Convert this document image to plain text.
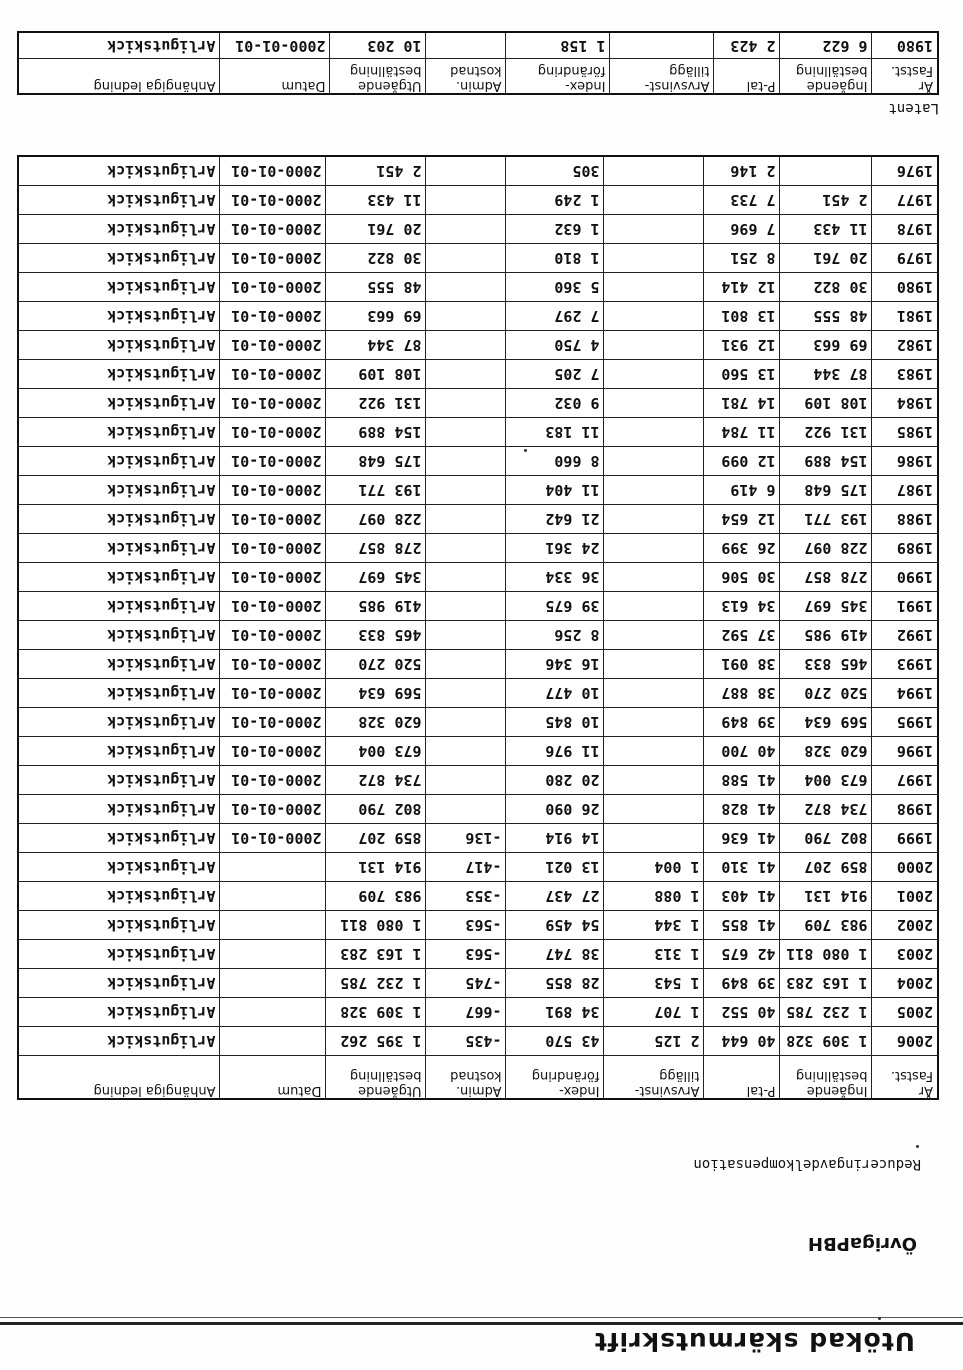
Utökad skärmutskrift
ÖvrigaPBH
Reduceringavdelkompensation
År Fastst.	Ingående beställning	P-tal	Arvsvinst-tillägg	Index-förändring	Admin. kostnad	Utgående beställning	Datum	Anhängiga ledning
2006	1 309 328	40 644	2 125	43 570	-435	1 395 262		Arligutskick
2005	1 232 785	40 552	1 707	34 891	-667	1 309 328		Arligutskick
2004	1 163 283	39 849	1 543	28 855	-745	1 232 785		Arligutskick
2003	1 080 811	42 675	1 313	38 747	-563	1 163 283		Arligutskick
2002	983 709	41 855	1 344	54 459	-563	1 080 811		Arligutskick
2001	914 131	41 403	1 088	27 437	-353	983 709		Arligutskick
2000	859 207	41 310	1 004	13 021	-417	914 131		Arligutskick
1999	802 790	41 636		14 914	-136	859 207	2000-01-01	Arligutskick
1998	734 872	41 828		26 090		802 790	2000-01-01	Arligutskick
1997	673 004	41 588		20 280		734 872	2000-01-01	Arligutskick
1996	620 328	40 700		11 976		673 004	2000-01-01	Arligutskick
1995	569 634	39 849		10 845		620 328	2000-01-01	Arligutskick
1994	520 270	38 887		10 477		569 634	2000-01-01	Arligutskick
1993	465 833	38 091		16 346		520 270	2000-01-01	Arligutskick
1992	419 985	37 592		8 256		465 833	2000-01-01	Arligutskick
1991	345 697	34 613		39 675		419 985	2000-01-01	Arligutskick
1990	278 857	30 506		36 334		345 697	2000-01-01	Arligutskick
1989	228 097	26 399		24 361		278 857	2000-01-01	Arligutskick
1988	193 771	12 654		21 642		228 097	2000-01-01	Arligutskick
1987	175 648	6 419		11 404		193 771	2000-01-01	Arligutskick
1986	154 889	12 099		8 660		175 648	2000-01-01	Arligutskick
1985	131 922	11 784		11 183		154 889	2000-01-01	Arligutskick
1984	108 109	14 781		9 032		131 922	2000-01-01	Arligutskick
1983	87 344	13 560		7 205		108 109	2000-01-01	Arligutskick
1982	69 663	12 931		4 750		87 344	2000-01-01	Arligutskick
1981	48 555	13 801		7 297		69 663	2000-01-01	Arligutskick
1980	30 822	12 414		5 360		48 555	2000-01-01	Arligutskick
1979	20 761	8 251		1 810		30 822	2000-01-01	Arligutskick
1978	11 433	7 696		1 632		20 761	2000-01-01	Arligutskick
1977	2 451	7 733		1 249		11 433	2000-01-01	Arligutskick
1976		2 146		305		2 451	2000-01-01	Arligutskick
Latent
År Fastst.	Ingående beställning	P-tal	Arvsvinst-tillägg	Index-förändring	Admin. kostnad	Utgående beställning	Datum	Anhängiga ledning
1980	6 622	2 423		1 158		10 203	2000-01-01	Arligutskick
